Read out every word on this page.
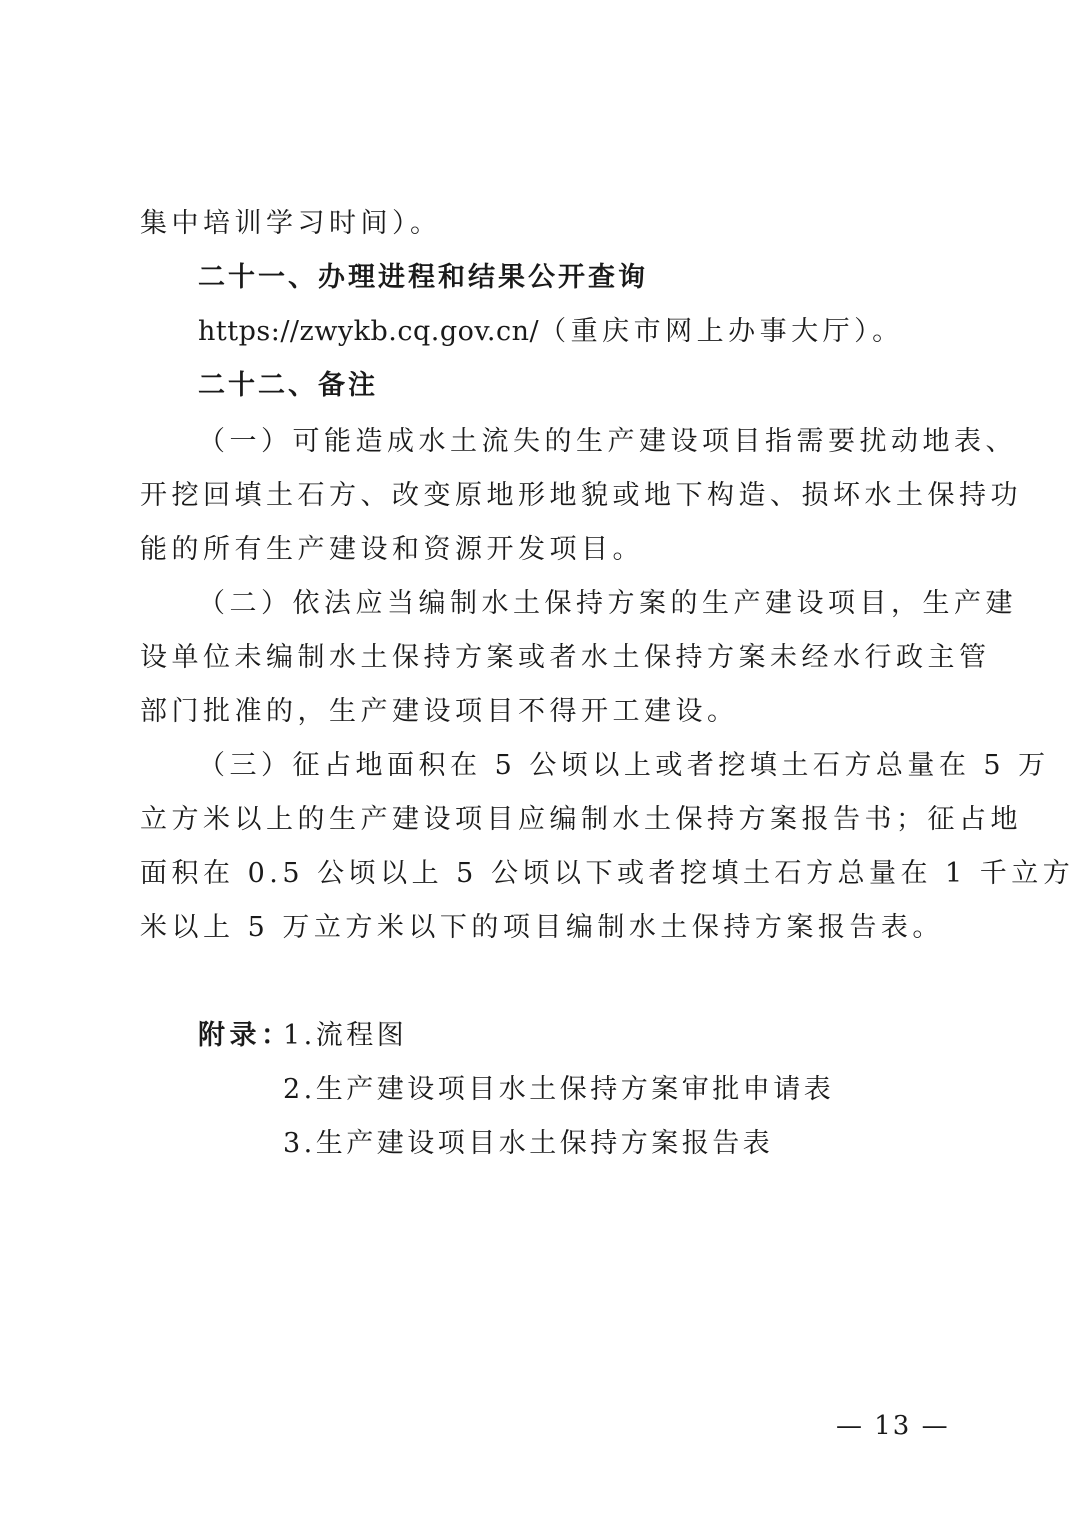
集中培训学习时间）。
二十一、办理进程和结果公开查询
https://zwykb.cq.gov.cn/（重庆市网上办事大厅）。
二十二、备注
（一）可能造成水土流失的生产建设项目指需要扰动地表、
开挖回填土石方、改变原地形地貌或地下构造、损坏水土保持功
能的所有生产建设和资源开发项目。
（二）依法应当编制水土保持方案的生产建设项目，生产建
设单位未编制水土保持方案或者水土保持方案未经水行政主管
部门批准的，生产建设项目不得开工建设。
（三）征占地面积在 5 公顷以上或者挖填土石方总量在 5 万
立方米以上的生产建设项目应编制水土保持方案报告书；征占地
面积在 0.5 公顷以上 5 公顷以下或者挖填土石方总量在 1 千立方
米以上 5 万立方米以下的项目编制水土保持方案报告表。
附录：
1.流程图
2.生产建设项目水土保持方案审批申请表
3.生产建设项目水土保持方案报告表
— 13 —
